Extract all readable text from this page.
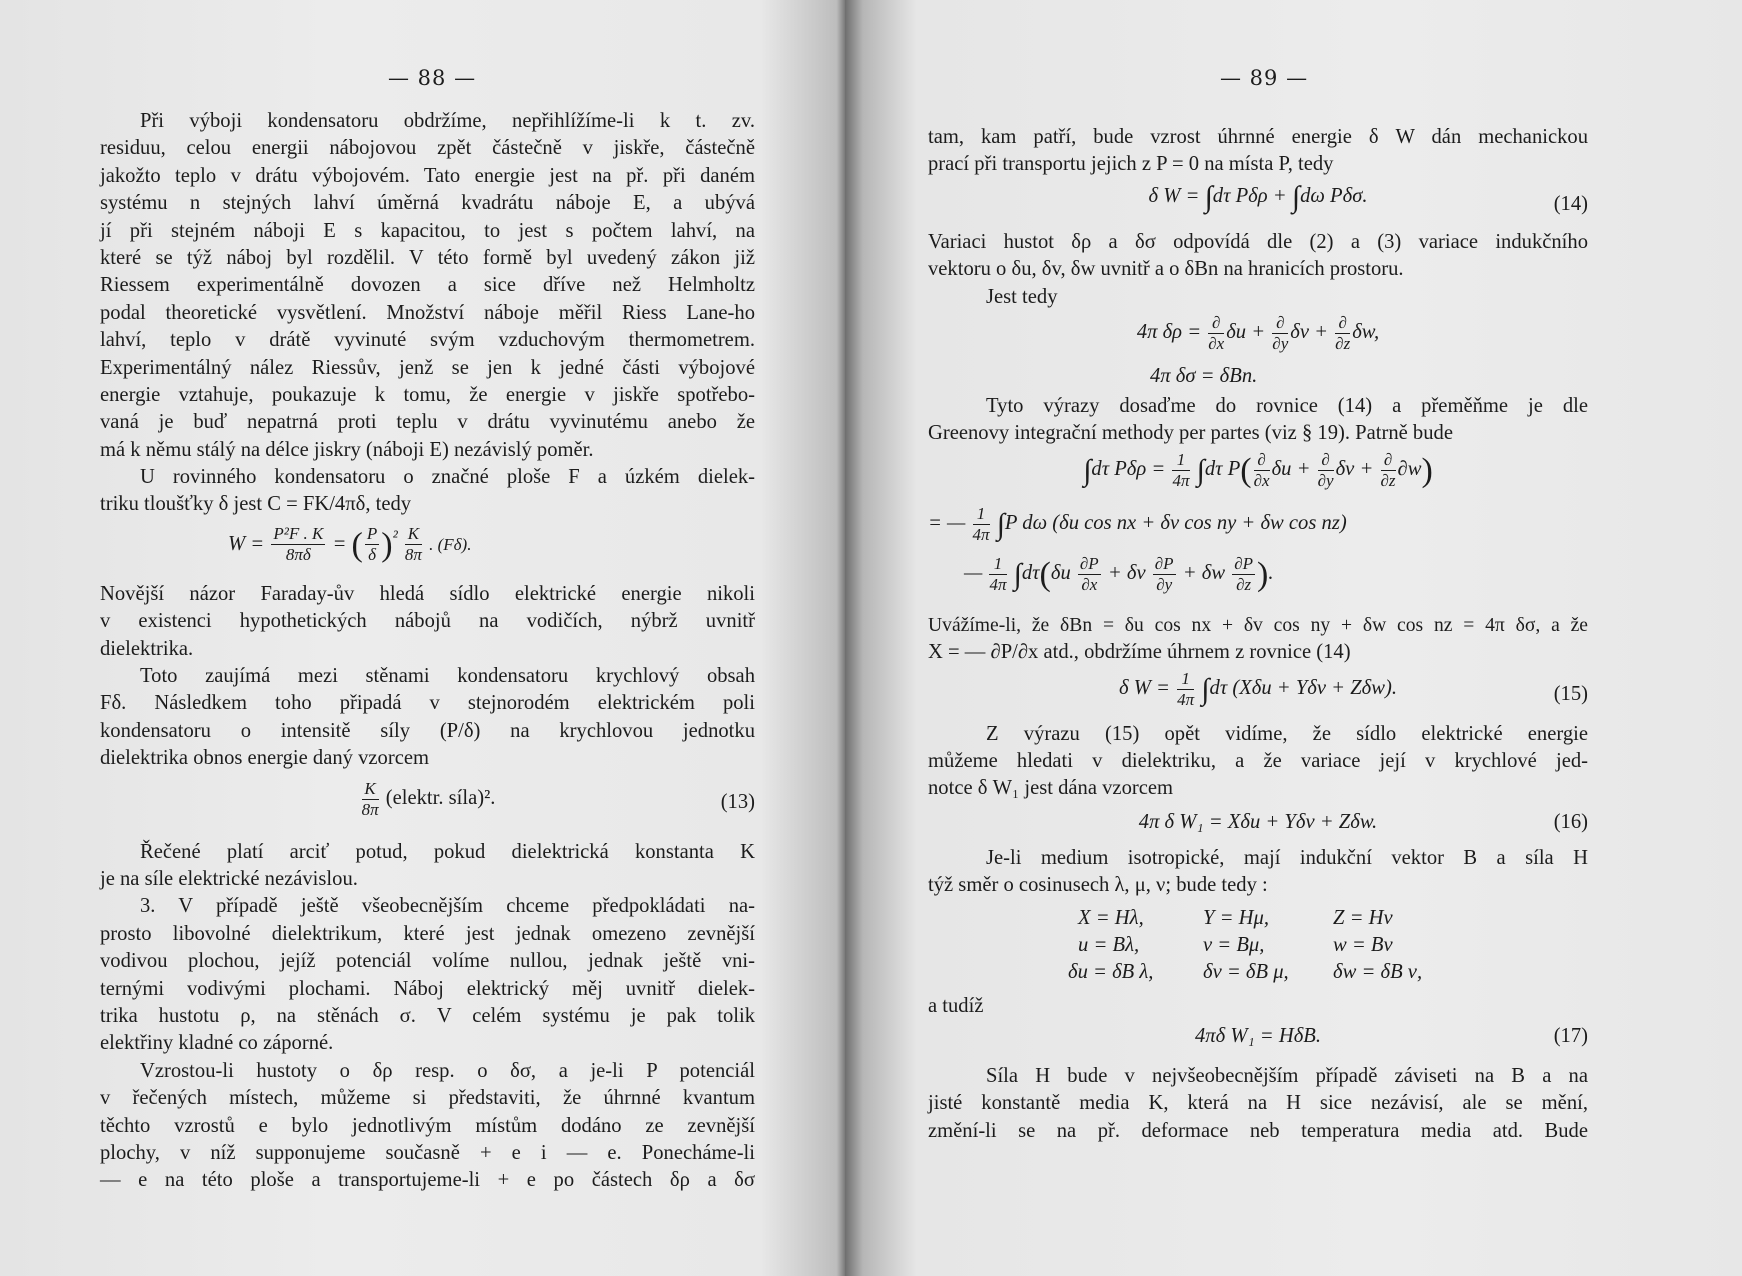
— 88 —
Při výboji kondensatoru obdržíme, nepřihlížíme-li k t. zv.
residuu, celou energii nábojovou zpět částečně v jiskře, částečně
jakožto teplo v drátu výbojovém. Tato energie jest na př. při daném
systému n stejných lahví úměrná kvadrátu náboje E, a ubývá
jí při stejném náboji E s kapacitou, to jest s počtem lahví, na
které se týž náboj byl rozdělil. V této formě byl uvedený zákon již
Riessem experimentálně dovozen a sice dříve než Helmholtz
podal theoretické vysvětlení. Množství náboje měřil Riess Lane-ho
lahví, teplo v drátě vyvinuté svým vzduchovým thermometrem.
Experimentálný nález Riessův, jenž se jen k jedné části výbojové
energie vztahuje, poukazuje k tomu, že energie v jiskře spotřebo-
vaná je buď nepatrná proti teplu v drátu vyvinutému anebo že
má k němu stálý na délce jiskry (náboji E) nezávislý poměr.
U rovinného kondensatoru o značné ploše F a úzkém dielek-
triku tloušťky δ jest C = FK/4πδ, tedy
$W = \frac{\text{P²F . K}}{8\pi\delta}$ = ( $\frac{P}{\delta} )^{^2} \frac{K}{8\pi}$ . (Fδ).
Novější názor Faraday-ův hledá sídlo elektrické energie nikoli
v existenci hypothetických nábojů na vodičích, nýbrž uvnitř
dielektrika.
Toto zaujímá mezi stěnami kondensatoru krychlový obsah
Fδ. Následkem toho připadá v stejnorodém elektrickém poli
kondensatoru o intensitě síly (P/δ) na krychlovou jednotku
dielektrika obnos energie daný vzorcem
$\frac{K}{8\pi}$ (elektr. síla)².	(13)
Řečené platí arciť potud, pokud dielektrická konstanta K
je na síle elektrické nezávislou.
3. V případě ještě všeobecnějším chceme předpokládati na-
prosto libovolné dielektrikum, které jest jednak omezeno zevnější
vodivou plochou, jejíž potenciál volíme nullou, jednak ještě vni-
ternými vodivými plochami. Náboj elektrický měj uvnitř dielek-
trika hustotu ρ, na stěnách σ. V celém systému je pak tolik
elektřiny kladné co záporné.
Vzrostou-li hustoty o δρ resp. o δσ, a je-li P potenciál
v řečených místech, můžeme si představiti, že úhrnné kvantum
těchto vzrostů e bylo jednotlivým místům dodáno ze zevnější
plochy, v níž supponujeme současně + e i — e. Ponecháme-li
— e na této ploše a transportujeme-li + e po částech δρ a δσ
— 89 —
tam, kam patří, bude vzrost úhrnné energie δ W dán mechanickou
prací při transportu jejich z P = 0 na místa P, tedy
δ W = ∫dτ Pδρ + ∫dω Pδσ.	(14)
Variaci hustot δρ a δσ odpovídá dle (2) a (3) variace indukčního
vektoru o δu, δv, δw uvnitř a o δBn na hranicích prostoru.
Jest tedy
4π $\delta\rho = \frac{\partial}{\partial x}$ $\delta u + \frac{\partial}{\partial y}$ $\delta v + \frac{\partial}{\partial z} \delta w$,
4π δσ = δBn.
Tyto výrazy dosaďme do rovnice (14) a přeměňme je dle
Greenovy integrační methody per partes (viz § 19). Patrně bude
∫dτ $P\delta\rho = \frac{1}{4\pi} \int d\tau$ $P( \frac{\partial}{\partial x}$ $\delta u + \frac{\partial}{\partial y}$ $\delta v + \frac{\partial}{\partial z} \partial w$)
= — $\frac{1}{4\pi} \int P$ dω (δu cos nx + δv cos ny + δw cos nz)
— $\frac{1}{4\pi} \int d\tau(\delta u \frac{\partial P}{\partial x} + \delta v \frac{\partial P}{\partial y} + \delta w \frac{\partial P}{\partial z}$ ).
Uvážíme-li, že δBn = δu cos nx + δv cos ny + δw cos nz = 4π δσ, a že
X = — ∂P/∂x atd., obdržíme úhrnem z rovnice (14)
δ $W = \frac{1}{4\pi} \int d\tau$ (Xδu + Yδv + Zδw).	(15)
Z výrazu (15) opět vidíme, že sídlo elektrické energie
můžeme hledati v dielektriku, a že variace její v krychlové jed-
notce δ W₁ jest dána vzorcem
4π δ W₁ = Xδu + Yδv + Zδw.	(16)
Je-li medium isotropické, mají indukční vektor B a síla H
týž směr o cosinusech λ, μ, ν; bude tedy :
X = Hλ,	Y = Hμ,	Z = Hν
u = Bλ,	v = Bμ,	w = Bν
δu = δB λ,	δv = δB μ,	δw = δB ν,
a tudíž
4πδ W₁ = HδB.	(17)
Síla H bude v nejvšeobecnějším případě záviseti na B a na
jisté konstantě media K, která na H sice nezávisí, ale se mění,
změní-li se na př. deformace neb temperatura media atd. Bude
